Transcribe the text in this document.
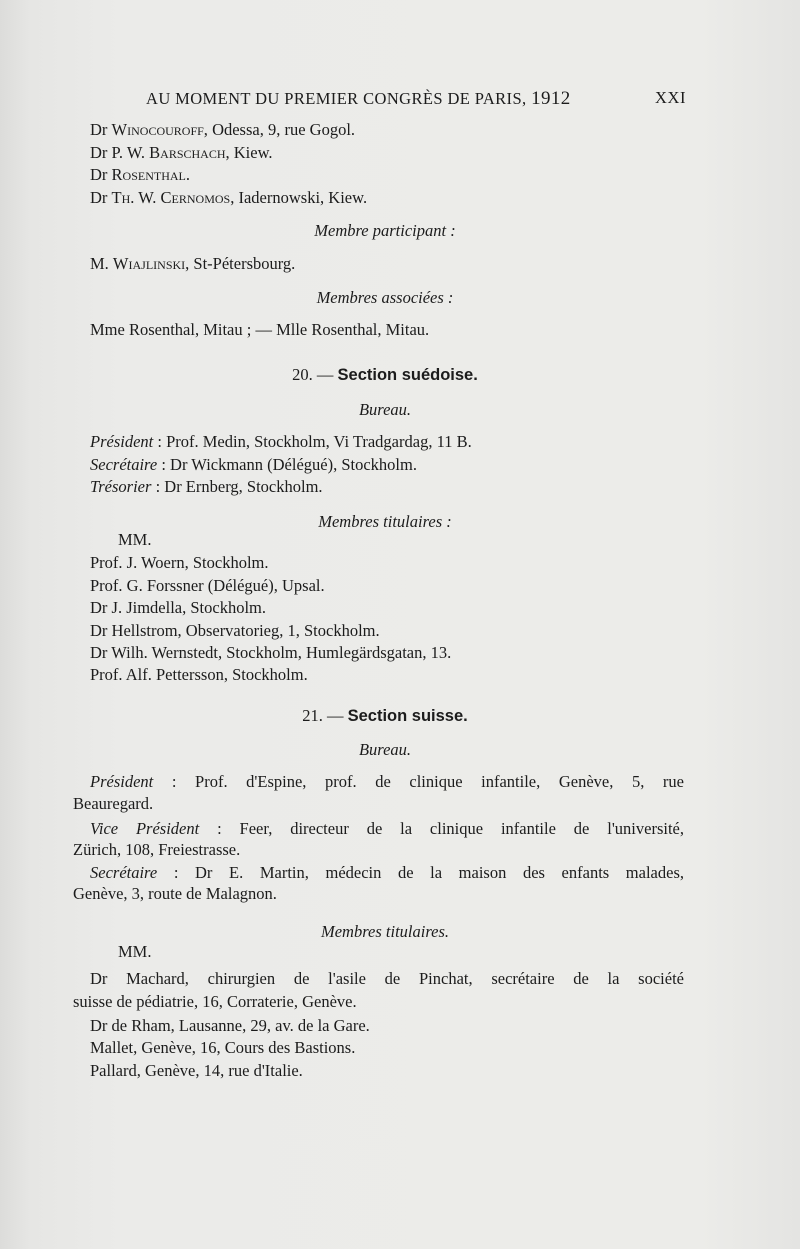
AU MOMENT DU PREMIER CONGRÈS DE PARIS, 1912	XXI
Dr Winocouroff, Odessa, 9, rue Gogol.
Dr P. W. Barschach, Kiew.
Dr Rosenthal.
Dr Th. W. Cernomos, Iadernowski, Kiew.
Membre participant :
M. Wiajlinski, St-Pétersbourg.
Membres associées :
Mme Rosenthal, Mitau ; — Mlle Rosenthal, Mitau.
20. — Section suédoise.
Bureau.
Président : Prof. Medin, Stockholm, Vi Tradgardag, 11 B.
Secrétaire : Dr Wickmann (Délégué), Stockholm.
Trésorier : Dr Ernberg, Stockholm.
Membres titulaires :
MM.
Prof. J. Woern, Stockholm.
Prof. G. Forssner (Délégué), Upsal.
Dr J. Jimdella, Stockholm.
Dr Hellstrom, Observatorieg, 1, Stockholm.
Dr Wilh. Wernstedt, Stockholm, Humlegärdsgatan, 13.
Prof. Alf. Pettersson, Stockholm.
21. — Section suisse.
Bureau.
Président : Prof. d'Espine, prof. de clinique infantile, Genève, 5, rue
Beauregard.
Vice Président : Feer, directeur de la clinique infantile de l'université,
Zürich, 108, Freiestrasse.
Secrétaire : Dr E. Martin, médecin de la maison des enfants malades,
Genève, 3, route de Malagnon.
Membres titulaires.
MM.
Dr Machard, chirurgien de l'asile de Pinchat, secrétaire de la société
suisse de pédiatrie, 16, Corraterie, Genève.
Dr de Rham, Lausanne, 29, av. de la Gare.
Mallet, Genève, 16, Cours des Bastions.
Pallard, Genève, 14, rue d'Italie.
